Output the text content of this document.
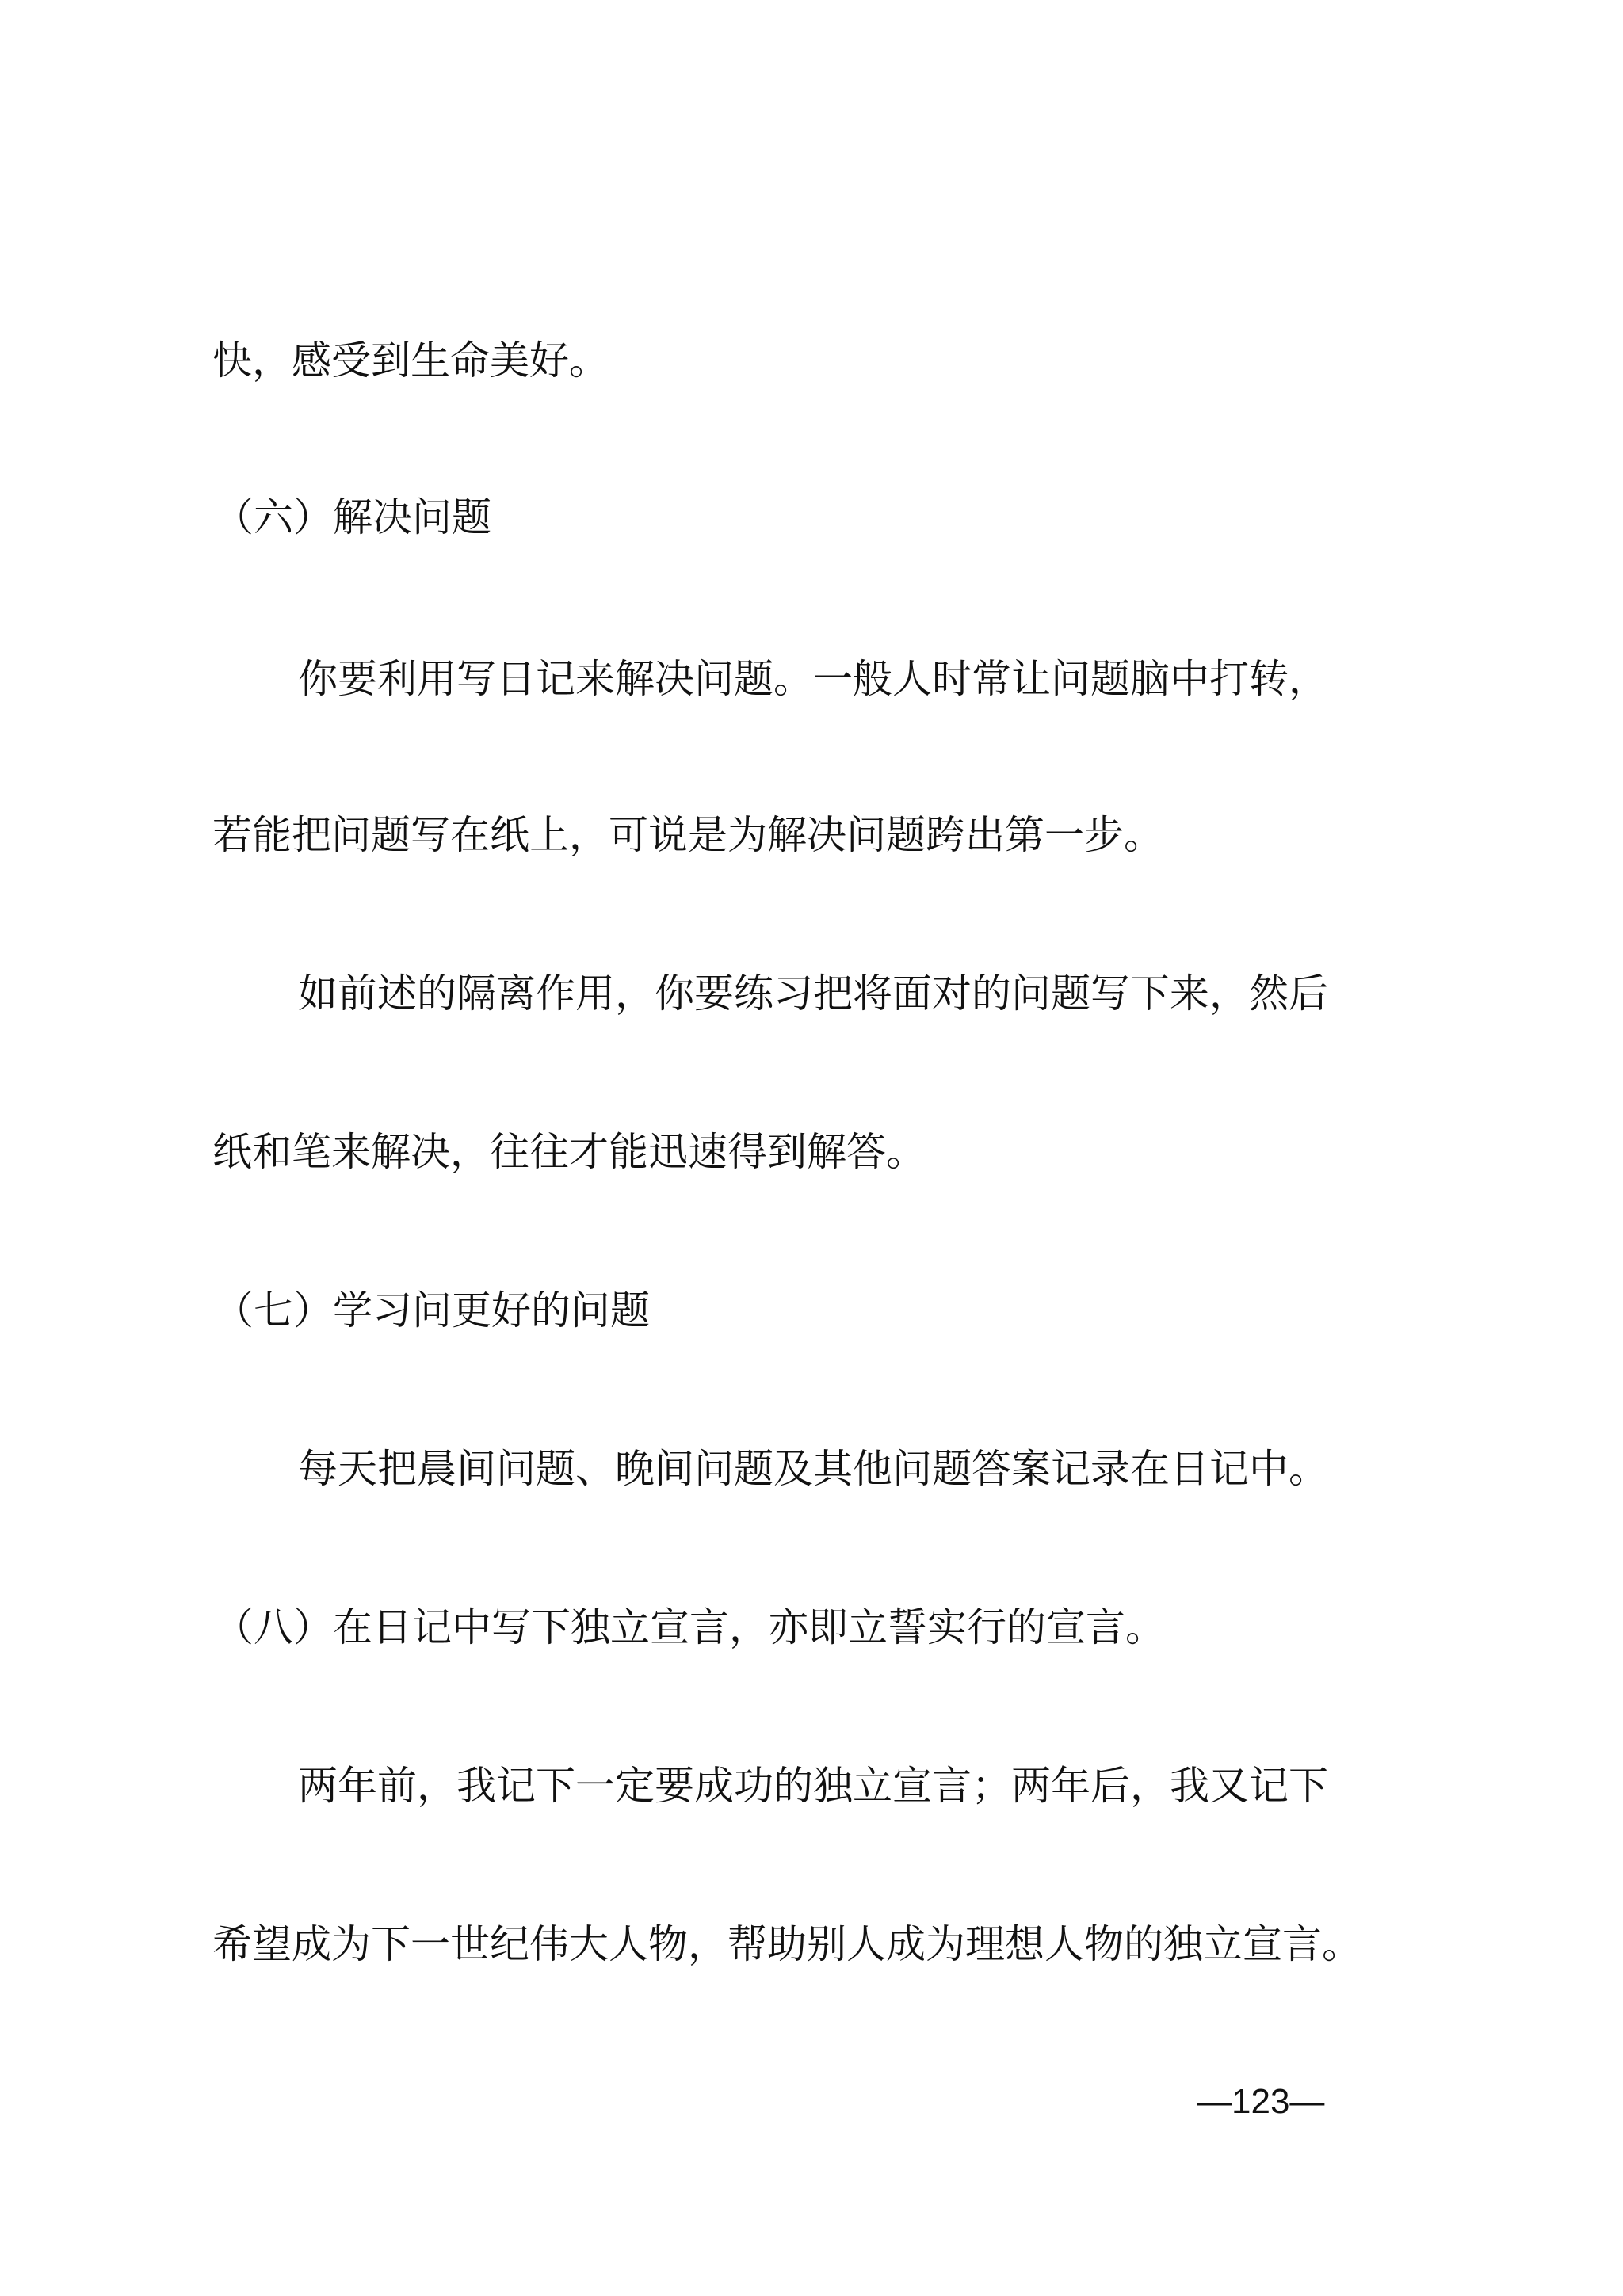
快，感受到生命美好。
（六）解决问题
你要利用写日记来解决问题。一般人时常让问题脑中打转，
若能把问题写在纸上，可说是为解决问题跨出第一步。
如前述的隔离作用，你要练习把将面对的问题写下来，然后
纸和笔来解决，往往才能迅速得到解答。
（七）学习问更好的问题
每天把晨间问题、晚间问题及其他问题答案记录在日记中。
（八）在日记中写下独立宣言，亦即立誓实行的宣言。
两年前，我记下一定要成功的独立宣言；两年后，我又记下
希望成为下一世纪伟大人物，帮助别人成为理想人物的独立宣言。
—123—
